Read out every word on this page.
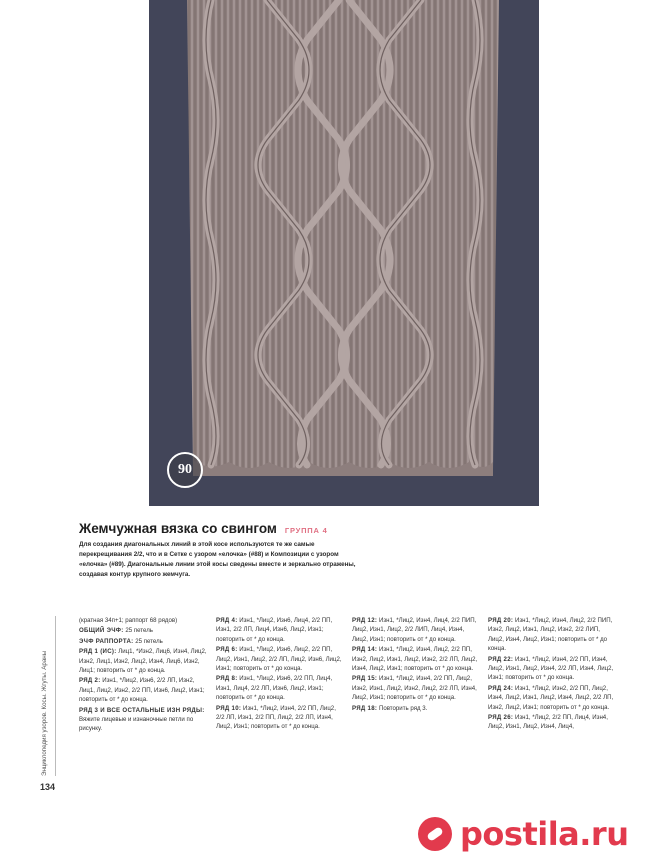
90
Жемчужная вязка со свингом ГРУППА 4
Для создания диагональных линий в этой косе используются те же самые перекрещивания 2/2, что и в Сетке с узором «елочка» (#88) и Композиции с узором «елочка» (#89). Диагональные линии этой косы сведены вместе и зеркально отражены, создавая контур крупного жемчуга.
Энциклопедия узоров. Косы. Жгуты. Араны
134

(кратная 34п+1; раппорт 68 рядов)

ОБЩИЙ ЭЧФ: 25 петель

ЭЧФ РАППОРТА: 25 петель

РЯД 1 (ИС): Лиц1, *Изн2, Лиц6, Изн4, Лиц2, Изн2, Лиц1, Изн2, Лиц2, Изн4, Лиц6, Изн2, Лиц1; повторить от * до конца.

РЯД 2: Изн1, *Лиц2, Изн6, 2/2 ЛП, Изн2, Лиц1, Лиц2, Изн2, 2/2 ПП, Изн6, Лиц2, Изн1; повторить от * до конца.

РЯД 3 И ВСЕ ОСТАЛЬНЫЕ ИЗН РЯДЫ: Вяжите лицевые и изнаночные петли по рисунку.

РЯД 4: Изн1, *Лиц2, Изн6, Лиц4, 2/2 ПП, Изн1, 2/2 ЛП, Лиц4, Изн6, Лиц2, Изн1; повторить от * до конца.

РЯД 6: Изн1, *Лиц2, Изн6, Лиц2, 2/2 ПП, Лиц2, Изн1, Лиц2, 2/2 ЛП, Лиц2, Изн6, Лиц2, Изн1; повторить от * до конца.

РЯД 8: Изн1, *Лиц2, Изн6, 2/2 ПП, Лиц4, Изн1, Лиц4, 2/2 ЛП, Изн6, Лиц2, Изн1; повторить от * до конца.

РЯД 10: Изн1, *Лиц2, Изн4, 2/2 ПП, Лиц2, 2/2 ЛП, Изн1, 2/2 ПП, Лиц2, 2/2 ЛП, Изн4, Лиц2, Изн1; повторить от * до конца.

РЯД 12: Изн1, *Лиц2, Изн4, Лиц4, 2/2 ПИП, Лиц2, Изн1, Лиц2, 2/2 ЛИП, Лиц4, Изн4, Лиц2, Изн1; повторить от * до конца.

РЯД 14: Изн1, *Лиц2, Изн4, Лиц2, 2/2 ПП, Изн2, Лиц2, Изн1, Лиц2, Изн2, 2/2 ЛП, Лиц2, Изн4, Лиц2, Изн1; повторить от * до конца.

РЯД 15: Изн1, *Лиц2, Изн4, 2/2 ПП, Лиц2, Изн2, Изн1, Лиц2, Изн2, Лиц2, 2/2 ЛП, Изн4, Лиц2, Изн1; повторить от * до конца.

РЯД 18: Повторить ряд 3.

РЯД 20: Изн1, *Лиц2, Изн4, Лиц2, 2/2 ПИП, Изн2, Лиц2, Изн1, Лиц2, Изн2, 2/2 ЛИП, Лиц2, Изн4, Лиц2, Изн1; повторить от * до конца.

РЯД 22: Изн1, *Лиц2, Изн4, 2/2 ПП, Изн4, Лиц2, Изн1, Лиц2, Изн4, 2/2 ЛП, Изн4, Лиц2, Изн1; повторить от * до конца.

РЯД 24: Изн1, *Лиц2, Изн2, 2/2 ПП, Лиц2, Изн4, Лиц2, Изн1, Лиц2, Изн4, Лиц2, 2/2 ЛП, Изн2, Лиц2, Изн1; повторить от * до конца.

РЯД 26: Изн1, *Лиц2, 2/2 ПП, Лиц4, Изн4, Лиц2, Изн1, Лиц2, Изн4, Лиц4,

postila.ru
